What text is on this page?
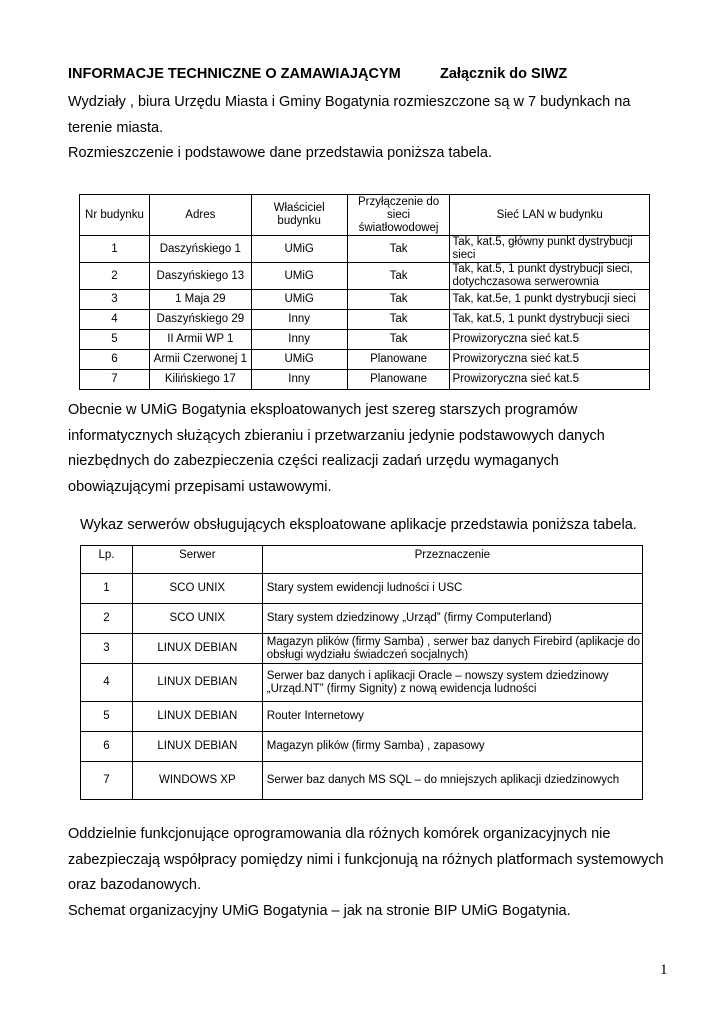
INFORMACJE TECHNICZNE O ZAMAWIAJĄCYM	Załącznik do SIWZ
Wydziały , biura Urzędu Miasta i Gminy Bogatynia rozmieszczone są w 7 budynkach na
terenie miasta.
Rozmieszczenie i podstawowe dane przedstawia poniższa tabela.
Nr budynku	Adres	Właściciel budynku	Przyłączenie do sieci światłowodowej	Sieć LAN w budynku
1	Daszyńskiego 1	UMiG	Tak	Tak, kat.5, główny punkt dystrybucji sieci
2	Daszyńskiego 13	UMiG	Tak	Tak, kat.5, 1 punkt dystrybucji sieci, dotychczasowa serwerownia
3	1 Maja 29	UMiG	Tak	Tak, kat.5e, 1 punkt dystrybucji sieci
4	Daszyńskiego 29	Inny	Tak	Tak, kat.5, 1 punkt dystrybucji sieci
5	II Armii WP 1	Inny	Tak	Prowizoryczna sieć kat.5
6	Armii Czerwonej 1	UMiG	Planowane	Prowizoryczna sieć kat.5
7	Kilińskiego 17	Inny	Planowane	Prowizoryczna sieć kat.5
Obecnie w UMiG Bogatynia eksploatowanych jest szereg starszych programów
informatycznych służących zbieraniu i przetwarzaniu jedynie podstawowych danych
niezbędnych do zabezpieczenia części realizacji zadań urzędu wymaganych
obowiązującymi przepisami ustawowymi.
Wykaz serwerów obsługujących eksploatowane aplikacje przedstawia poniższa tabela.
Lp.	Serwer	Przeznaczenie
1	SCO UNIX	Stary system ewidencji ludności i USC
2	SCO UNIX	Stary system dziedzinowy „Urząd” (firmy Computerland)
3	LINUX DEBIAN	Magazyn plików (firmy Samba) , serwer baz danych Firebird (aplikacje do obsługi wydziału świadczeń socjalnych)
4	LINUX DEBIAN	Serwer baz danych i aplikacji Oracle – nowszy system dziedzinowy „Urząd.NT” (firmy Signity) z nową ewidencja ludności
5	LINUX DEBIAN	Router Internetowy
6	LINUX DEBIAN	Magazyn plików (firmy Samba) , zapasowy
7	WINDOWS XP	Serwer baz danych MS SQL – do mniejszych aplikacji dziedzinowych
Oddzielnie funkcjonujące oprogramowania dla różnych komórek organizacyjnych nie
zabezpieczają współpracy pomiędzy nimi i funkcjonują na różnych platformach systemowych
oraz bazodanowych.
Schemat organizacyjny UMiG Bogatynia – jak na stronie BIP UMiG Bogatynia.
1
